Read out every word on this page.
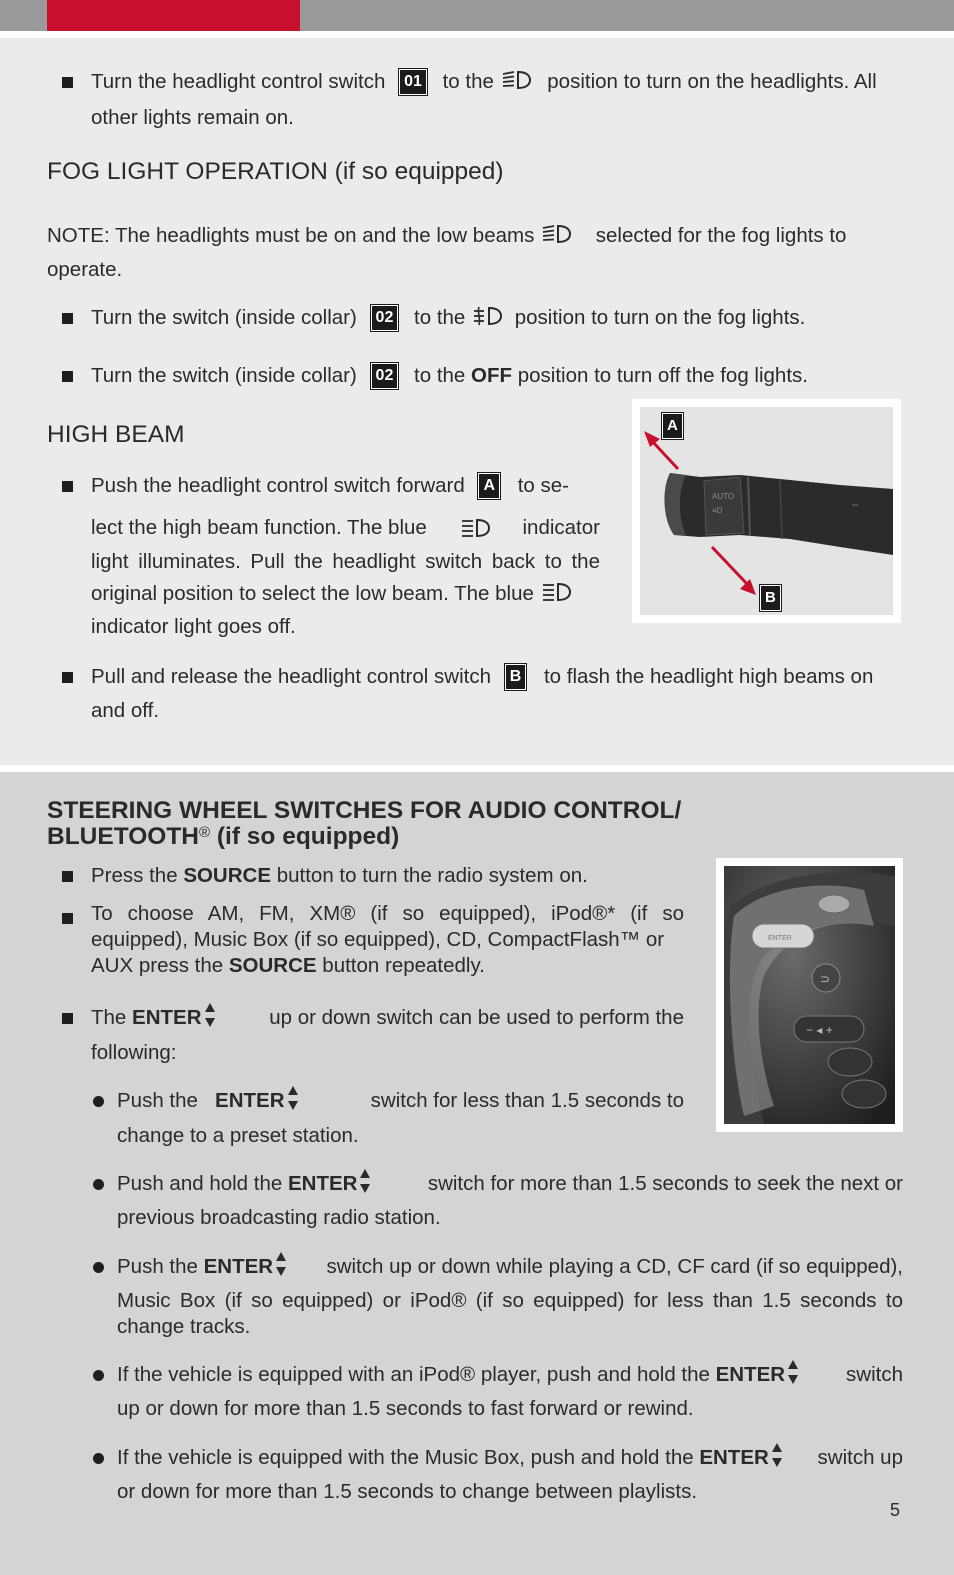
Turn the headlight control switch 01 to the	position to turn on the headlights. All
other lights remain on.
FOG LIGHT OPERATION (if so equipped)
NOTE: The headlights must be on and the low beams	selected for the fog lights to
operate.
Turn the switch (inside collar) 02 to the position to turn on the fog lights.
Turn the switch (inside collar) 02 to the OFF position to turn off the fog lights.
HIGH BEAM
Push the headlight control switch forward A to se-
lect the high beam function. The blue	indicator
light illuminates. Pull the headlight switch back to the
original position to select the low beam. The blue
indicator light goes off.
AUTO
≡D
⇔
A
B
Pull and release the headlight control switch B to flash the headlight high beams on
and off.
STEERING WHEEL SWITCHES FOR AUDIO CONTROL/
BLUETOOTH® (if so equipped)
ENTER
⊃
− ◂ +
Press the SOURCE button to turn the radio system on.
To choose AM, FM, XM® (if so equipped), iPod®* (if so
equipped), Music Box (if so equipped), CD, CompactFlash™ or
AUX press the SOURCE button repeatedly.
The ENTER	up or down switch can be used to perform the
following:
Push the ENTER	switch for less than 1.5 seconds to
change to a preset station.
Push and hold the ENTER	switch for more than 1.5 seconds to seek the next or
previous broadcasting radio station.
Push the ENTER	switch up or down while playing a CD, CF card (if so equipped),
Music Box (if so equipped) or iPod® (if so equipped) for less than 1.5 seconds to
change tracks.
If the vehicle is equipped with an iPod® player, push and hold the ENTER	switch
up or down for more than 1.5 seconds to fast forward or rewind.
If the vehicle is equipped with the Music Box, push and hold the ENTER	switch up
or down for more than 1.5 seconds to change between playlists.
5
